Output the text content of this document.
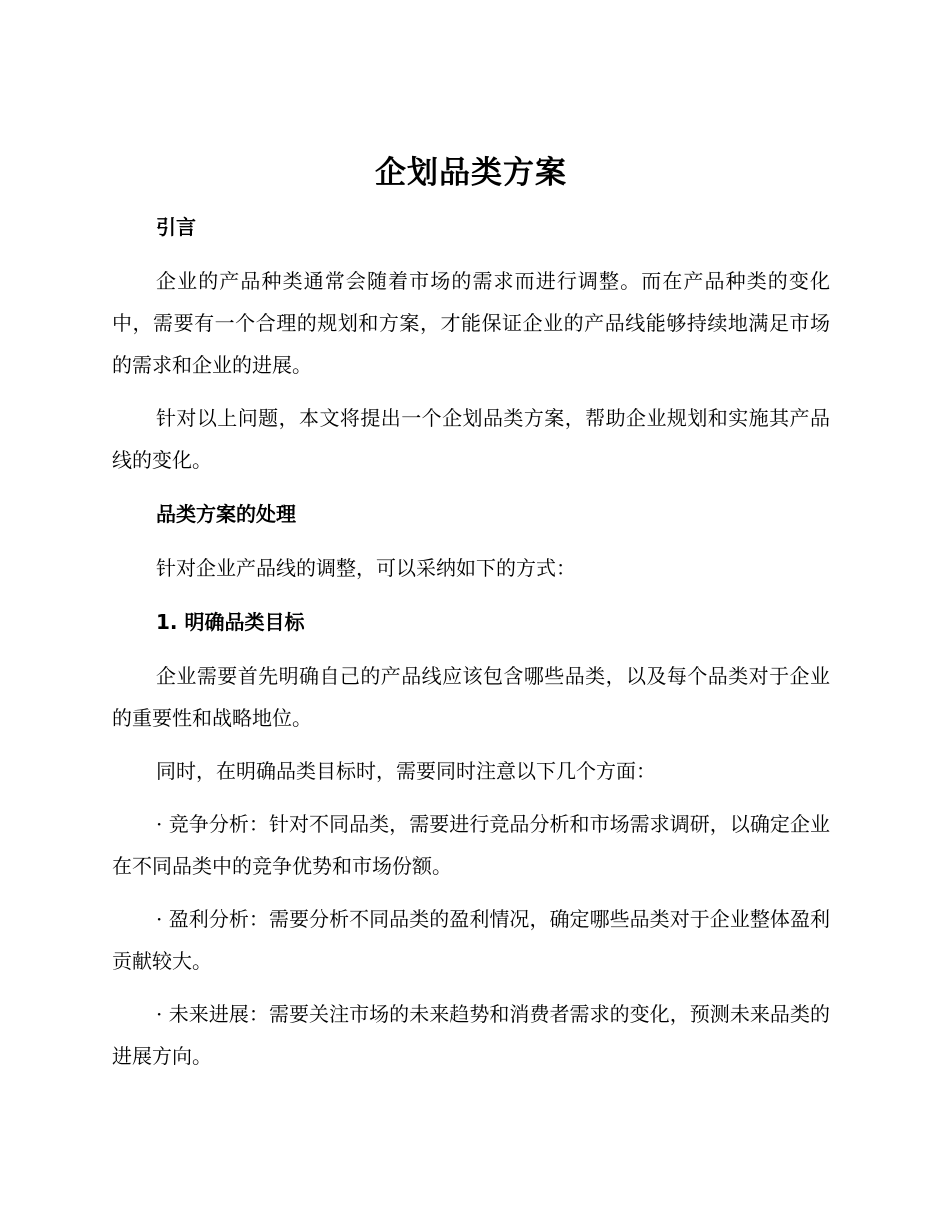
企划品类方案
引言

企业的产品种类通常会随着市场的需求而进行调整。而在产品种类的变化中，需要有一个合理的规划和方案，才能保证企业的产品线能够持续地满足市场的需求和企业的进展。

针对以上问题，本文将提出一个企划品类方案，帮助企业规划和实施其产品线的变化。

品类方案的处理

针对企业产品线的调整，可以采纳如下的方式：

1. 明确品类目标

企业需要首先明确自己的产品线应该包含哪些品类，以及每个品类对于企业的重要性和战略地位。

同时，在明确品类目标时，需要同时注意以下几个方面：

· 竞争分析：针对不同品类，需要进行竞品分析和市场需求调研，以确定企业在不同品类中的竞争优势和市场份额。

· 盈利分析：需要分析不同品类的盈利情况，确定哪些品类对于企业整体盈利贡献较大。

· 未来进展：需要关注市场的未来趋势和消费者需求的变化，预测未来品类的进展方向。
